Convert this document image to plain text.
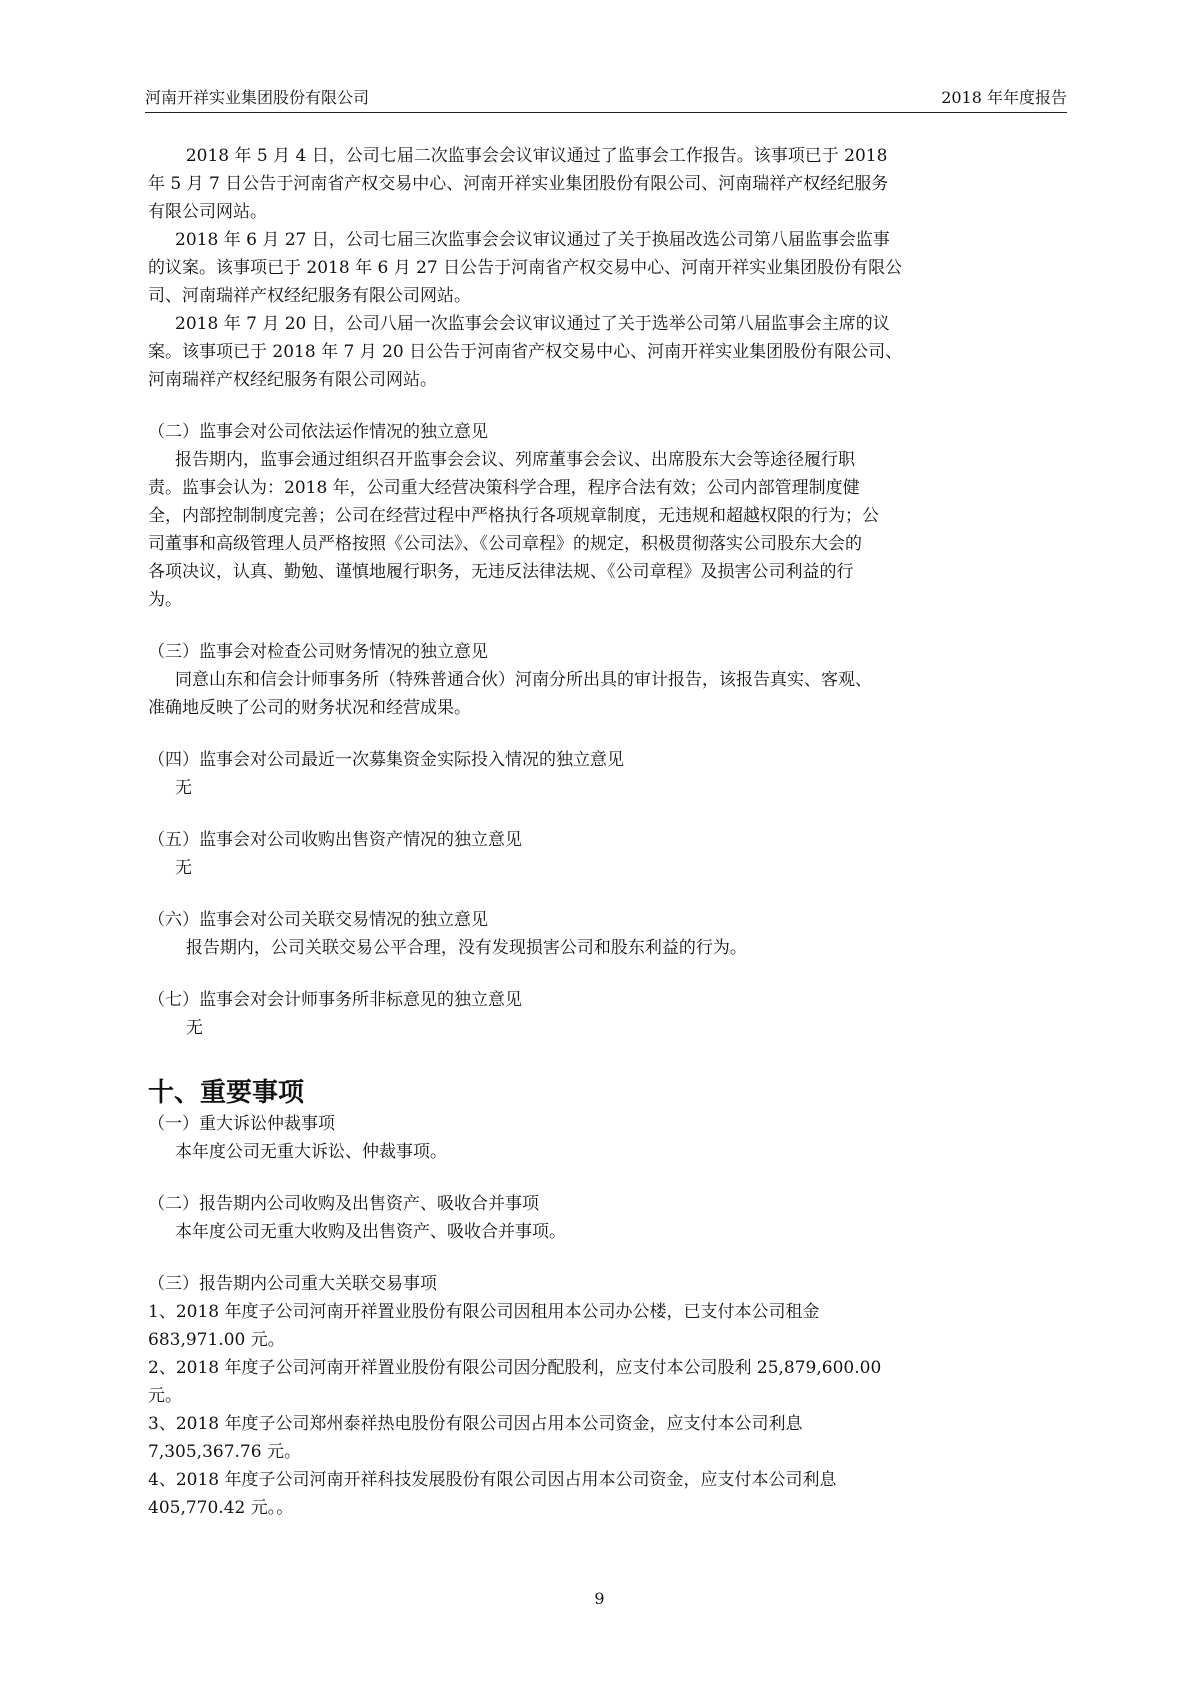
河南开祥实业集团股份有限公司	2018 年年度报告

2018 年 5 月 4 日，公司七届二次监事会会议审议通过了监事会工作报告。该事项已于 2018
年 5 月 7 日公告于河南省产权交易中心、河南开祥实业集团股份有限公司、河南瑞祥产权经纪服务
有限公司网站。

2018 年 6 月 27 日，公司七届三次监事会会议审议通过了关于换届改选公司第八届监事会监事
的议案。该事项已于 2018 年 6 月 27 日公告于河南省产权交易中心、河南开祥实业集团股份有限公
司、河南瑞祥产权经纪服务有限公司网站。

2018 年 7 月 20 日，公司八届一次监事会会议审议通过了关于选举公司第八届监事会主席的议
案。该事项已于 2018 年 7 月 20 日公告于河南省产权交易中心、河南开祥实业集团股份有限公司、
河南瑞祥产权经纪服务有限公司网站。

（二）监事会对公司依法运作情况的独立意见

报告期内，监事会通过组织召开监事会会议、列席董事会会议、出席股东大会等途径履行职
责。监事会认为：2018 年，公司重大经营决策科学合理，程序合法有效；公司内部管理制度健
全，内部控制制度完善；公司在经营过程中严格执行各项规章制度，无违规和超越权限的行为；公
司董事和高级管理人员严格按照《公司法》、《公司章程》的规定，积极贯彻落实公司股东大会的
各项决议，认真、勤勉、谨慎地履行职务，无违反法律法规、《公司章程》及损害公司利益的行
为。

（三）监事会对检查公司财务情况的独立意见

同意山东和信会计师事务所（特殊普通合伙）河南分所出具的审计报告，该报告真实、客观、
准确地反映了公司的财务状况和经营成果。

（四）监事会对公司最近一次募集资金实际投入情况的独立意见

无

（五）监事会对公司收购出售资产情况的独立意见

无

（六）监事会对公司关联交易情况的独立意见

报告期内，公司关联交易公平合理，没有发现损害公司和股东利益的行为。

（七）监事会对会计师事务所非标意见的独立意见

无

十、重要事项

（一）重大诉讼仲裁事项

本年度公司无重大诉讼、仲裁事项。

（二）报告期内公司收购及出售资产、吸收合并事项

本年度公司无重大收购及出售资产、吸收合并事项。

（三）报告期内公司重大关联交易事项

1、2018 年度子公司河南开祥置业股份有限公司因租用本公司办公楼，已支付本公司租金
683,971.00 元。

2、2018 年度子公司河南开祥置业股份有限公司因分配股利，应支付本公司股利 25,879,600.00
元。

3、2018 年度子公司郑州泰祥热电股份有限公司因占用本公司资金，应支付本公司利息
7,305,367.76 元。

4、2018 年度子公司河南开祥科技发展股份有限公司因占用本公司资金，应支付本公司利息
405,770.42 元。。

9
